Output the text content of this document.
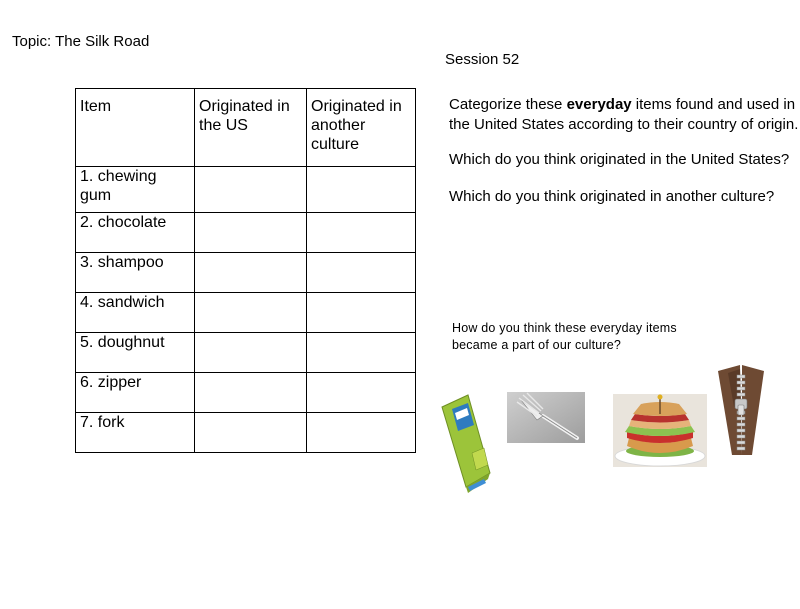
Topic: The Silk Road
Session 52
Item	Originated in the US	Originated in another culture
1. chewing gum		
2. chocolate		
3. shampoo		
4. sandwich		
5. doughnut		
6. zipper		
7. fork		
Categorize these everyday items found and used in the United States according to their country of origin.
Which do you think originated in the United States?
Which do you think originated in another culture?
How do you think these everyday items became a part of our culture?
